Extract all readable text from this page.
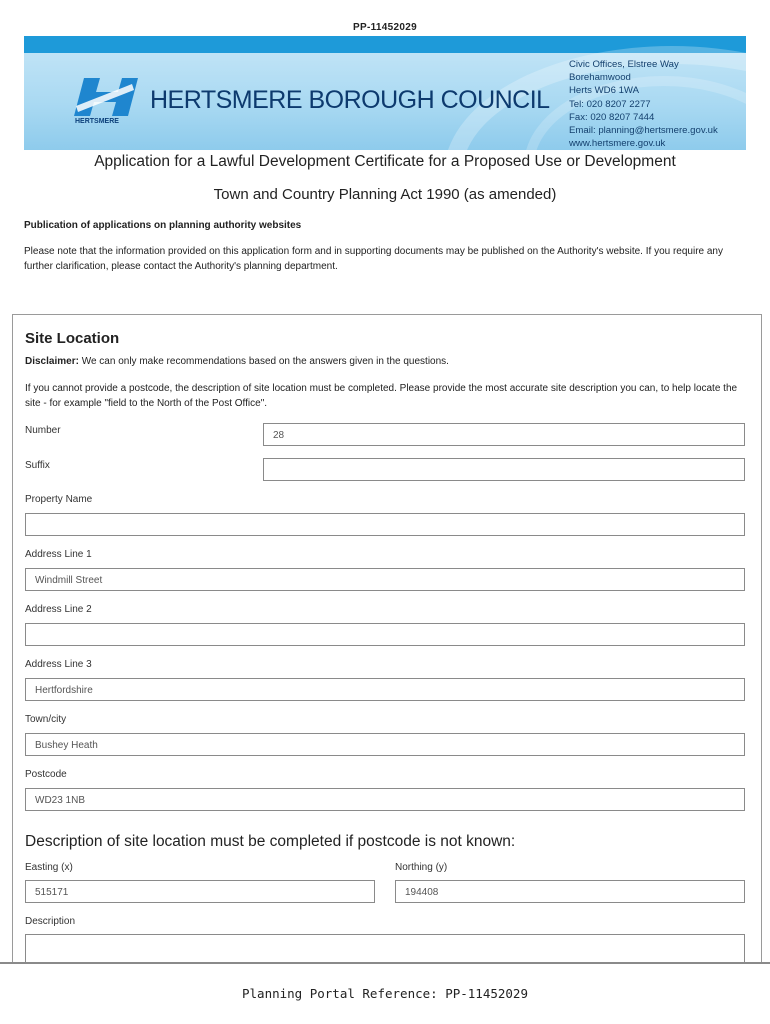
PP-11452029
HERTSMERE
HERTSMERE BOROUGH COUNCIL
Civic Offices, Elstree Way
Borehamwood
Herts WD6 1WA
Tel: 020 8207 2277
Fax: 020 8207 7444
Email: planning@hertsmere.gov.uk
www.hertsmere.gov.uk
Application for a Lawful Development Certificate for a Proposed Use or Development
Town and Country Planning Act 1990 (as amended)
Publication of applications on planning authority websites
Please note that the information provided on this application form and in supporting documents may be published on the Authority's website. If you require any further clarification, please contact the Authority's planning department.
Site Location
Disclaimer: We can only make recommendations based on the answers given in the questions.
If you cannot provide a postcode, the description of site location must be completed. Please provide the most accurate site description you can, to help locate the site - for example "field to the North of the Post Office".
Number	28
Suffix
Property Name
Address Line 1
Windmill Street
Address Line 2
Address Line 3
Hertfordshire
Town/city
Bushey Heath
Postcode
WD23 1NB
Description of site location must be completed if postcode is not known:
Easting (x)
515171
Northing (y)
194408
Description
Planning Portal Reference: PP-11452029
